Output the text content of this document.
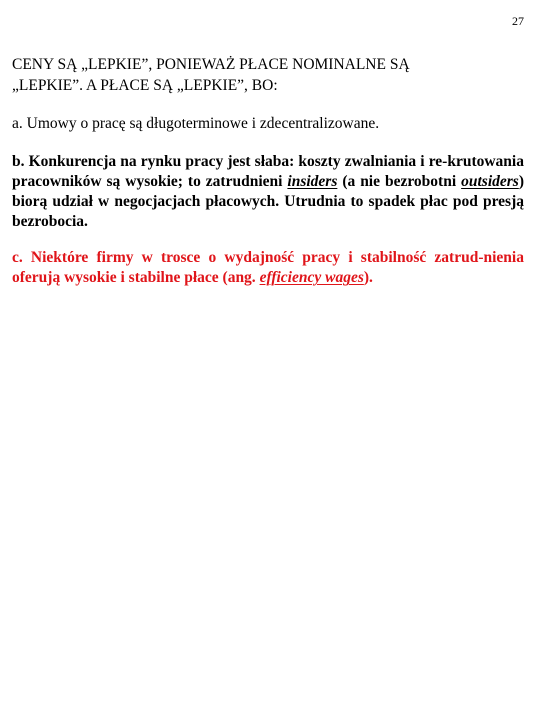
27

CENY SĄ „LEPKIE”, PONIEWAŻ PŁACE NOMINALNE SĄ
„LEPKIE”. A PŁACE SĄ „LEPKIE”, BO:

a. Umowy o pracę są długoterminowe i zdecentralizowane.

b. Konkurencja na rynku pracy jest słaba: koszty zwalniania i re-krutowania pracowników są wysokie; to zatrudnieni insiders (a nie bezrobotni outsiders) biorą udział w negocjacjach płacowych. Utrudnia to spadek płac pod presją bezrobocia.

c. Niektóre firmy w trosce o wydajność pracy i stabilność zatrud-nienia oferują wysokie i stabilne płace (ang. efficiency wages).
